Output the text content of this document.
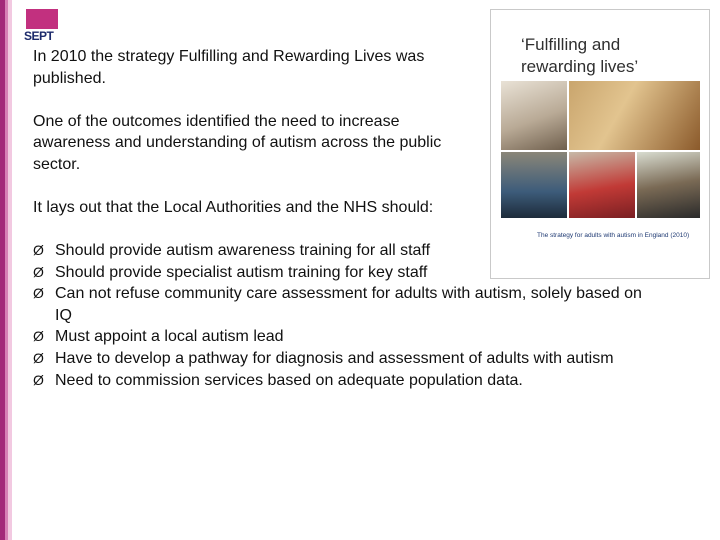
SEPT

In 2010 the strategy Fulfilling and Rewarding Lives was published.

One of the outcomes identified the need to increase awareness and understanding of autism across the public sector.

It lays out that the Local Authorities and the NHS should:

Ø Should provide autism awareness training for all staff
Ø Should provide specialist autism training for key staff
Ø Can not refuse community care assessment for adults with autism, solely based on IQ
Ø Must appoint a local autism lead
Ø Have to develop a pathway for diagnosis and assessment of adults with autism
Ø Need to commission services based on adequate population data.
‘Fulfilling and rewarding lives’
The strategy for adults with autism in England (2010)
